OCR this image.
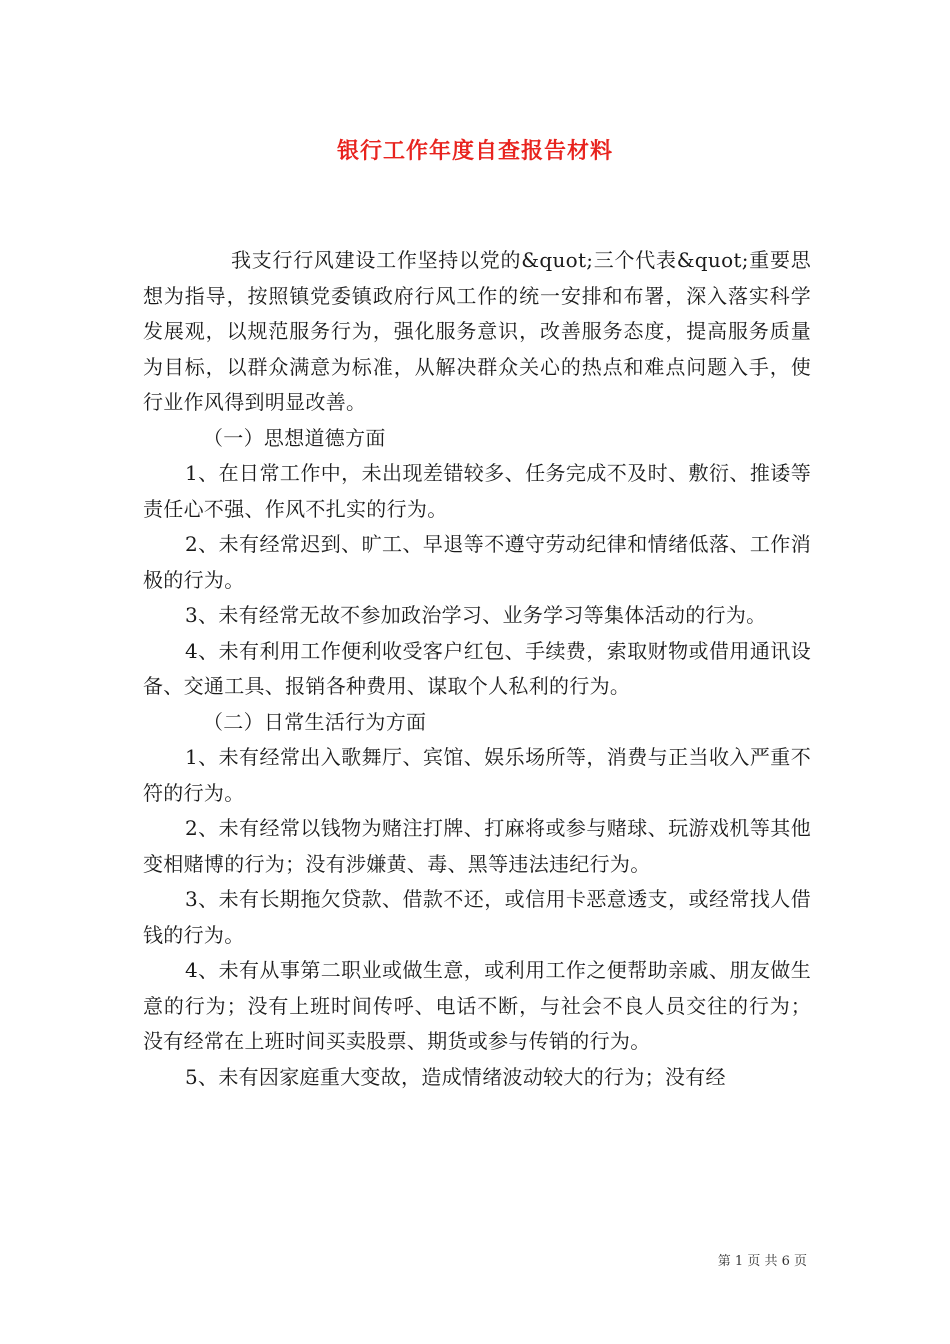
银行工作年度自查报告材料

我支行行风建设工作坚持以党的&quot;三个代表&quot;重要思想为指导，按照镇党委镇政府行风工作的统一安排和布署，深入落实科学发展观，以规范服务行为，强化服务意识，改善服务态度，提高服务质量为目标，以群众满意为标准，从解决群众关心的热点和难点问题入手，使行业作风得到明显改善。

（一）思想道德方面

1、在日常工作中，未出现差错较多、任务完成不及时、敷衍、推诿等责任心不强、作风不扎实的行为。

2、未有经常迟到、旷工、早退等不遵守劳动纪律和情绪低落、工作消极的行为。

3、未有经常无故不参加政治学习、业务学习等集体活动的行为。

4、未有利用工作便利收受客户红包、手续费，索取财物或借用通讯设备、交通工具、报销各种费用、谋取个人私利的行为。

（二）日常生活行为方面

1、未有经常出入歌舞厅、宾馆、娱乐场所等，消费与正当收入严重不符的行为。

2、未有经常以钱物为赌注打牌、打麻将或参与赌球、玩游戏机等其他变相赌博的行为；没有涉嫌黄、毒、黑等违法违纪行为。

3、未有长期拖欠贷款、借款不还，或信用卡恶意透支，或经常找人借钱的行为。

4、未有从事第二职业或做生意，或利用工作之便帮助亲戚、朋友做生意的行为；没有上班时间传呼、电话不断，与社会不良人员交往的行为；没有经常在上班时间买卖股票、期货或参与传销的行为。

5、未有因家庭重大变故，造成情绪波动较大的行为；没有经

第 1 页 共 6 页
